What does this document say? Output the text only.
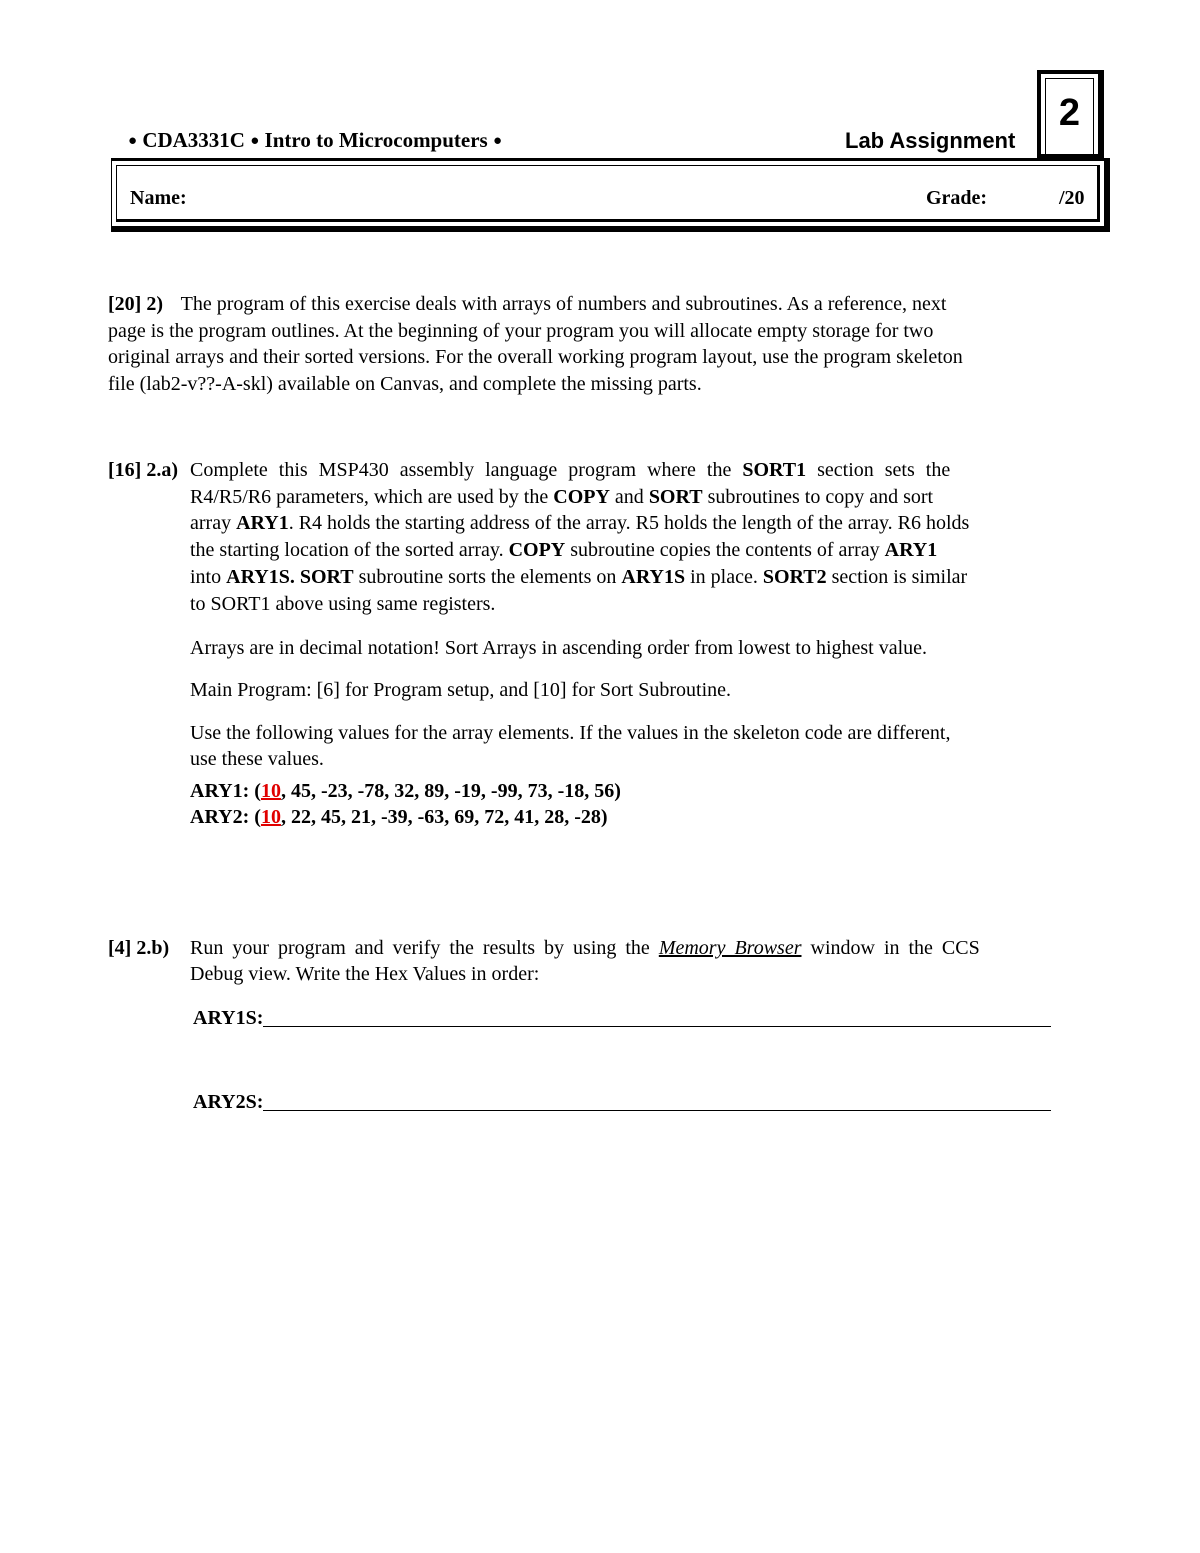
● CDA3331C ● Intro to Microcomputers ●	Lab Assignment
2
Name:	Grade:	/20
[20] 2) The program of this exercise deals with arrays of numbers and subroutines. As a reference, next
page is the program outlines. At the beginning of your program you will allocate empty storage for two
original arrays and their sorted versions. For the overall working program layout, use the program skeleton
file (lab2-v??-A-skl) available on Canvas, and complete the missing parts.
[16] 2.a) Complete this MSP430 assembly language program where the SORT1 section sets the
R4/R5/R6 parameters, which are used by the COPY and SORT subroutines to copy and sort
array ARY1. R4 holds the starting address of the array. R5 holds the length of the array. R6 holds
the starting location of the sorted array. COPY subroutine copies the contents of array ARY1
into ARY1S. SORT subroutine sorts the elements on ARY1S in place. SORT2 section is similar
to SORT1 above using same registers.
Arrays are in decimal notation! Sort Arrays in ascending order from lowest to highest value.
Main Program: [6] for Program setup, and [10] for Sort Subroutine.
Use the following values for the array elements. If the values in the skeleton code are different,
use these values.
ARY1: (10, 45, -23, -78, 32, 89, -19, -99, 73, -18, 56)
ARY2: (10, 22, 45, 21, -39, -63, 69, 72, 41, 28, -28)
[4] 2.b) Run your program and verify the results by using the Memory Browser window in the CCS
Debug view. Write the Hex Values in order:
ARY1S:
ARY2S:
